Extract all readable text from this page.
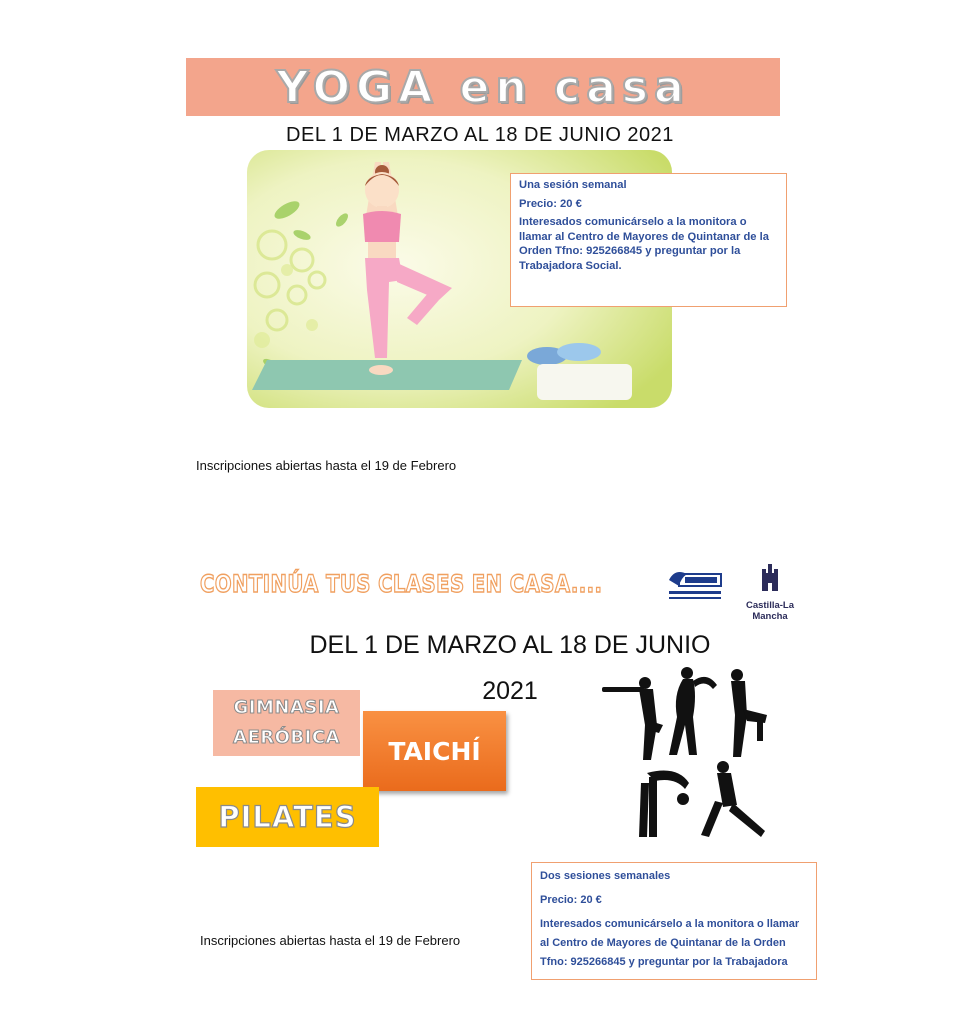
YOGA en casa
DEL 1 DE MARZO AL 18 DE JUNIO 2021

Una sesión semanal

Precio: 20 €

Interesados comunicárselo a la monitora o llamar al Centro de Mayores de Quintanar de la Orden Tfno: 925266845 y preguntar por la Trabajadora Social.

Inscripciones abiertas hasta el 19 de Febrero
CONTINÚA TUS CLASES EN CASA....
Castilla-La Mancha
DEL 1 DE MARZO AL 18 DE JUNIO
2021
GIMNASIA
AERÓBICA	TAICHÍ
PILATES

Dos sesiones semanales

Precio: 20 €

Interesados comunicárselo a la monitora o llamar al Centro de Mayores de Quintanar de la Orden Tfno: 925266845 y preguntar por la Trabajadora

Inscripciones abiertas hasta el 19 de Febrero
